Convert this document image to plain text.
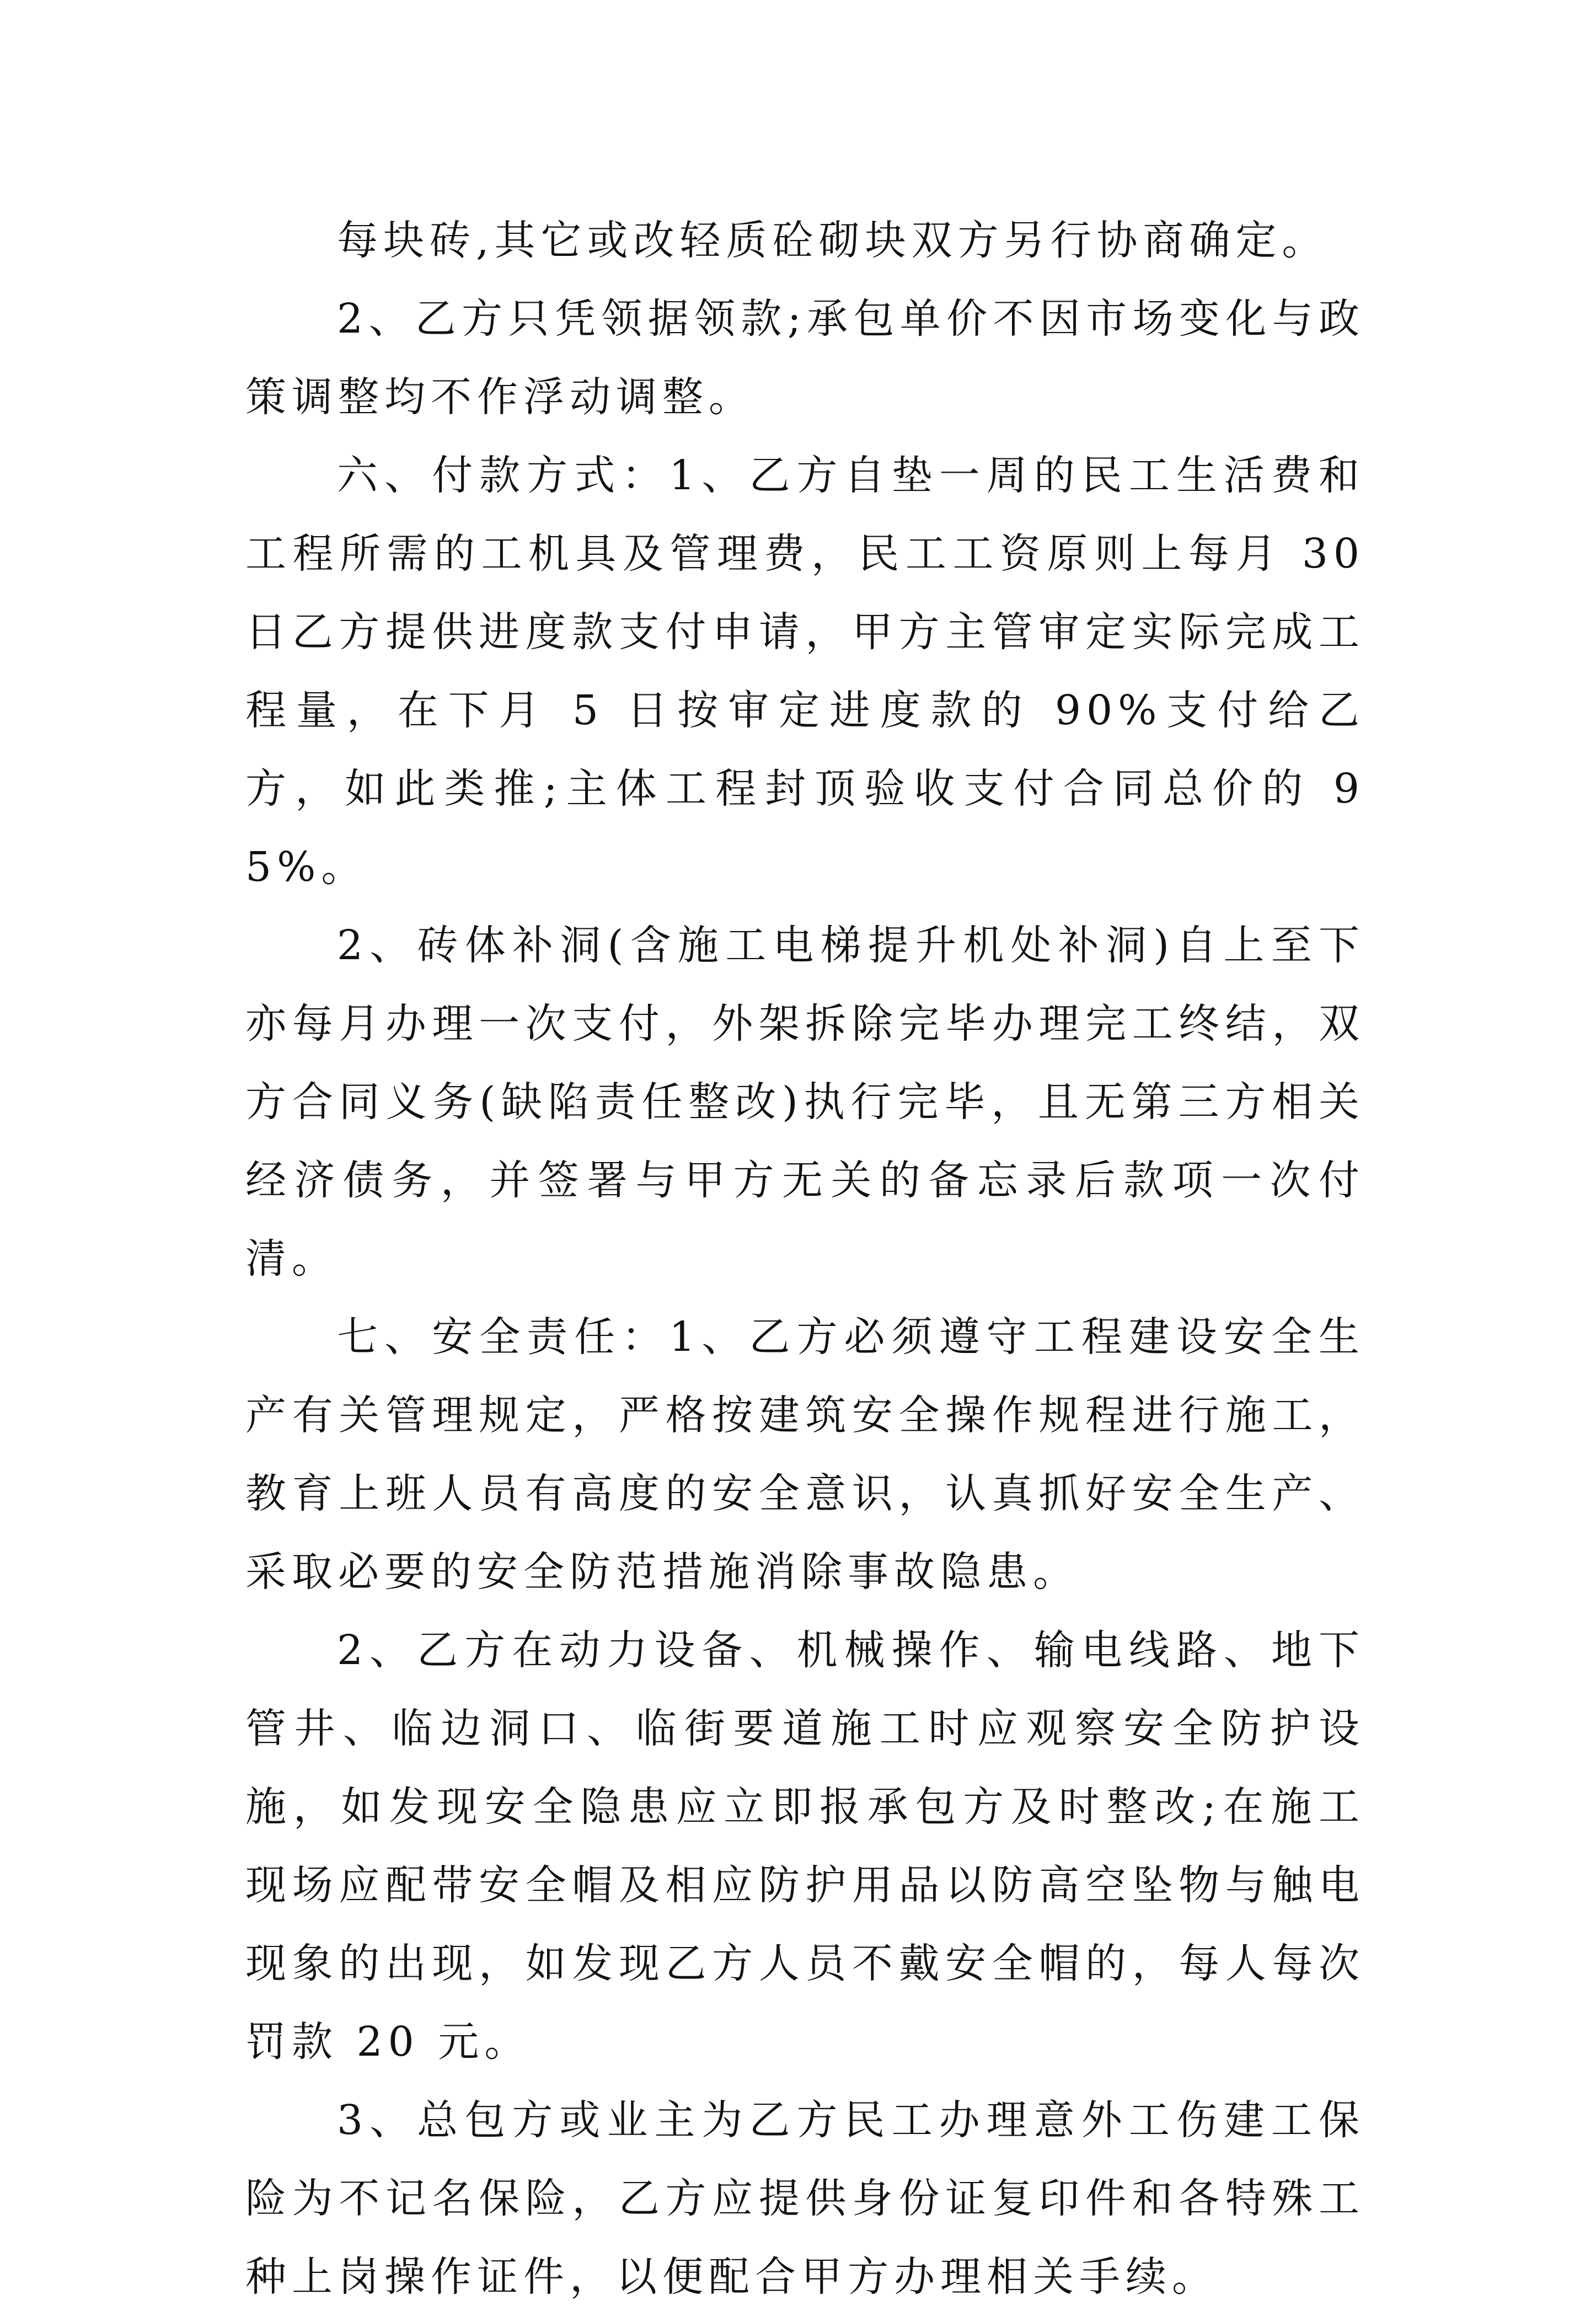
每块砖,其它或改轻质砼砌块双方另行协商确定。

2、乙方只凭领据领款;承包单价不因市场变化与政策调整均不作浮动调整。

六、付款方式：1、乙方自垫一周的民工生活费和工程所需的工机具及管理费，民工工资原则上每月 30 日乙方提供进度款支付申请，甲方主管审定实际完成工程量，在下月 5 日按审定进度款的 90%支付给乙方，如此类推;主体工程封顶验收支付合同总价的 95%。

2、砖体补洞(含施工电梯提升机处补洞)自上至下亦每月办理一次支付，外架拆除完毕办理完工终结，双方合同义务(缺陷责任整改)执行完毕，且无第三方相关经济债务，并签署与甲方无关的备忘录后款项一次付清。

七、安全责任：1、乙方必须遵守工程建设安全生产有关管理规定，严格按建筑安全操作规程进行施工，教育上班人员有高度的安全意识，认真抓好安全生产、采取必要的安全防范措施消除事故隐患。

2、乙方在动力设备、机械操作、输电线路、地下管井、临边洞口、临街要道施工时应观察安全防护设施，如发现安全隐患应立即报承包方及时整改;在施工现场应配带安全帽及相应防护用品以防高空坠物与触电现象的出现，如发现乙方人员不戴安全帽的，每人每次罚款 20 元。

3、总包方或业主为乙方民工办理意外工伤建工保险为不记名保险，乙方应提供身份证复印件和各特殊工种上岗操作证件，以便配合甲方办理相关手续。
